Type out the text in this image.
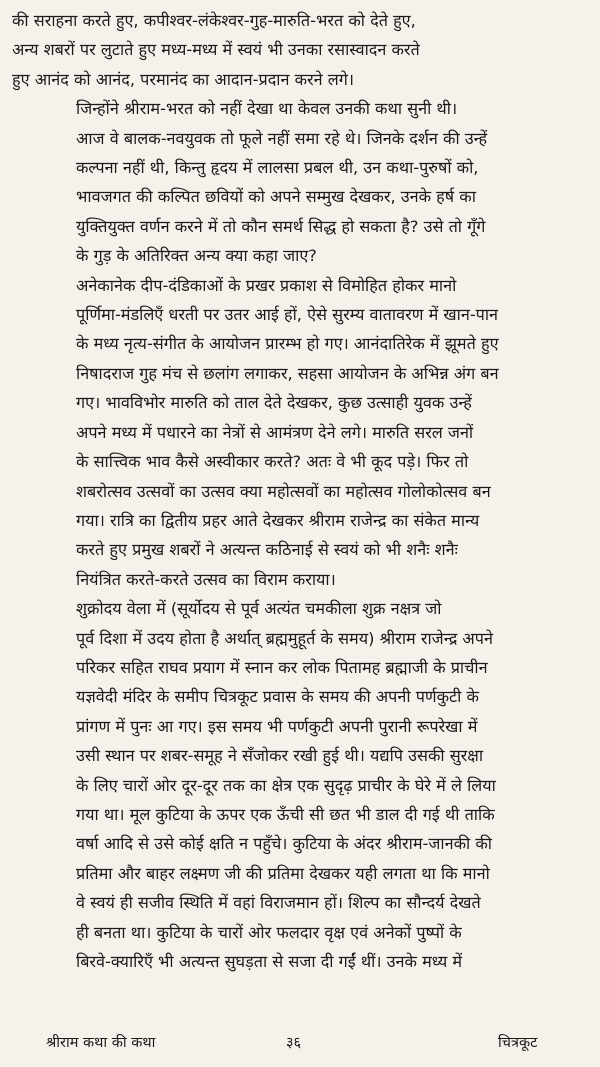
की सराहना करते हुए, कपीश्वर-लंकेश्वर-गुह-मारुति-भरत को देते हुए,
अन्य शबरों पर लुटाते हुए मध्य-मध्य में स्वयं भी उनका रसास्वादन करते
हुए आनंद को आनंद, परमानंद का आदान-प्रदान करने लगे।

जिन्होंने श्रीराम-भरत को नहीं देखा था केवल उनकी कथा सुनी थी।
आज वे बालक-नवयुवक तो फूले नहीं समा रहे थे। जिनके दर्शन की उन्हें
कल्पना नहीं थी, किन्तु हृदय में लालसा प्रबल थी, उन कथा-पुरुषों को,
भावजगत की कल्पित छवियों को अपने सम्मुख देखकर, उनके हर्ष का
युक्तियुक्त वर्णन करने में तो कौन समर्थ सिद्ध हो सकता है? उसे तो गूँगे
के गुड़ के अतिरिक्त अन्य क्या कहा जाए?

अनेकानेक दीप-दंडिकाओं के प्रखर प्रकाश से विमोहित होकर मानो
पूर्णिमा-मंडलिएँ धरती पर उतर आई हों, ऐसे सुरम्य वातावरण में खान-पान
के मध्य नृत्य-संगीत के आयोजन प्रारम्भ हो गए। आनंदातिरेक में झूमते हुए
निषादराज गुह मंच से छलांग लगाकर, सहसा आयोजन के अभिन्न अंग बन
गए। भावविभोर मारुति को ताल देते देखकर, कुछ उत्साही युवक उन्हें
अपने मध्य में पधारने का नेत्रों से आमंत्रण देने लगे। मारुति सरल जनों
के सात्त्विक भाव कैसे अस्वीकार करते? अतः वे भी कूद पड़े। फिर तो
शबरोत्सव उत्सवों का उत्सव क्या महोत्सवों का महोत्सव गोलोकोत्सव बन
गया। रात्रि का द्वितीय प्रहर आते देखकर श्रीराम राजेन्द्र का संकेत मान्य
करते हुए प्रमुख शबरों ने अत्यन्त कठिनाई से स्वयं को भी शनैः शनैः
नियंत्रित करते-करते उत्सव का विराम कराया।

शुक्रोदय वेला में (सूर्योदय से पूर्व अत्यंत चमकीला शुक्र नक्षत्र जो
पूर्व दिशा में उदय होता है अर्थात् ब्रह्ममुहूर्त के समय) श्रीराम राजेन्द्र अपने
परिकर सहित राघव प्रयाग में स्नान कर लोक पितामह ब्रह्माजी के प्राचीन
यज्ञवेदी मंदिर के समीप चित्रकूट प्रवास के समय की अपनी पर्णकुटी के
प्रांगण में पुनः आ गए। इस समय भी पर्णकुटी अपनी पुरानी रूपरेखा में
उसी स्थान पर शबर-समूह ने सँजोकर रखी हुई थी। यद्यपि उसकी सुरक्षा
के लिए चारों ओर दूर-दूर तक का क्षेत्र एक सुदृढ़ प्राचीर के घेरे में ले लिया
गया था। मूल कुटिया के ऊपर एक ऊँची सी छत भी डाल दी गई थी ताकि
वर्षा आदि से उसे कोई क्षति न पहुँचे। कुटिया के अंदर श्रीराम-जानकी की
प्रतिमा और बाहर लक्ष्मण जी की प्रतिमा देखकर यही लगता था कि मानो
वे स्वयं ही सजीव स्थिति में वहां विराजमान हों। शिल्प का सौन्दर्य देखते
ही बनता था। कुटिया के चारों ओर फलदार वृक्ष एवं अनेकों पुष्पों के
बिरवे-क्यारिएँ भी अत्यन्त सुघड़ता से सजा दी गईं थीं। उनके मध्य में

श्रीराम कथा की कथा	३६	चित्रकूट
